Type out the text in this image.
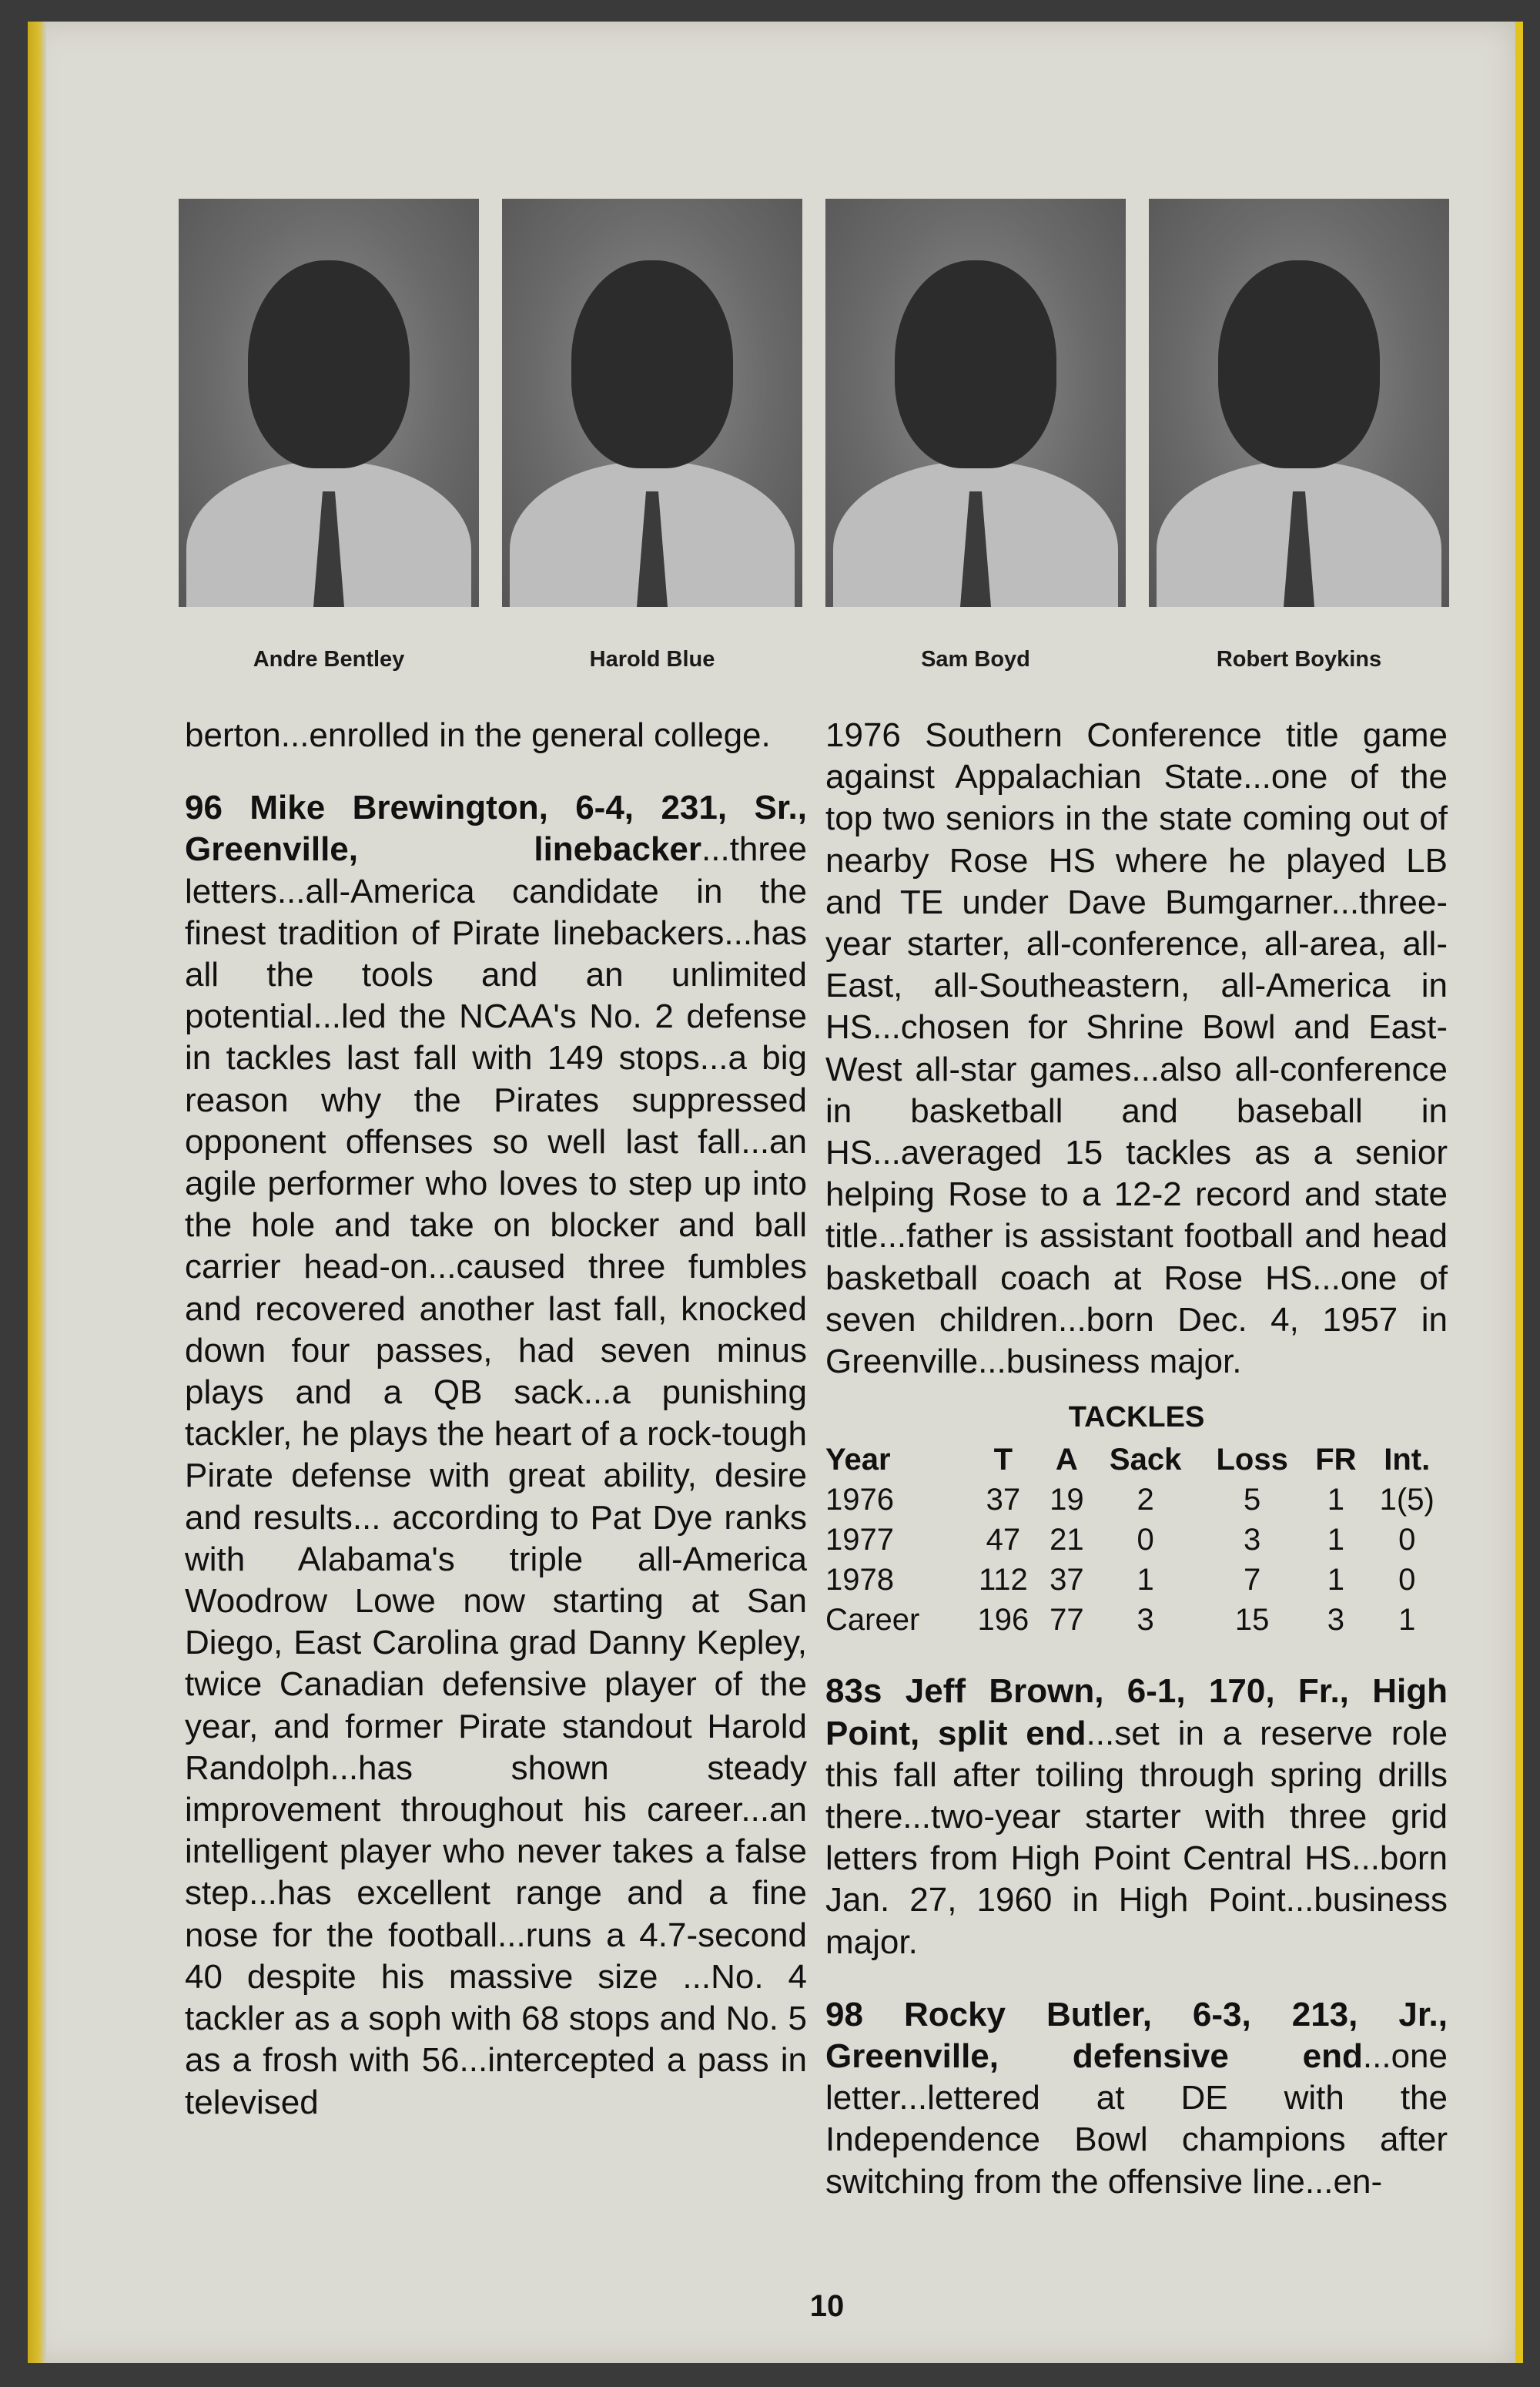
Andre Bentley	Harold Blue	Sam Boyd	Robert Boykins

berton...enrolled in the general college.

96 Mike Brewington, 6-4, 231, Sr., Greenville, linebacker...three letters...all-America candidate in the finest tradition of Pirate linebackers...has all the tools and an unlimited potential...led the NCAA's No. 2 defense in tackles last fall with 149 stops...a big reason why the Pirates suppressed opponent offenses so well last fall...an agile performer who loves to step up into the hole and take on blocker and ball carrier head-on...caused three fumbles and recovered another last fall, knocked down four passes, had seven minus plays and a QB sack...a punishing tackler, he plays the heart of a rock-tough Pirate defense with great ability, desire and results... according to Pat Dye ranks with Alabama's triple all-America Woodrow Lowe now starting at San Diego, East Carolina grad Danny Kepley, twice Canadian defensive player of the year, and former Pirate standout Harold Randolph...has shown steady improvement throughout his career...an intelligent player who never takes a false step...has excellent range and a fine nose for the football...runs a 4.7-second 40 despite his massive size ...No. 4 tackler as a soph with 68 stops and No. 5 as a frosh with 56...intercepted a pass in televised

1976 Southern Conference title game against Appalachian State...one of the top two seniors in the state coming out of nearby Rose HS where he played LB and TE under Dave Bumgarner...three-year starter, all-conference, all-area, all-East, all-Southeastern, all-America in HS...chosen for Shrine Bowl and East-West all-star games...also all-conference in basketball and baseball in HS...averaged 15 tackles as a senior helping Rose to a 12-2 record and state title...father is assistant football and head basketball coach at Rose HS...one of seven children...born Dec. 4, 1957 in Greenville...business major.

TACKLES
Year	T	A	Sack	Loss	FR	Int.
1976	37	19	2	5	1	1(5)
1977	47	21	0	3	1	0
1978	112	37	1	7	1	0
Career	196	77	3	15	3	1

83s Jeff Brown, 6-1, 170, Fr., High Point, split end...set in a reserve role this fall after toiling through spring drills there...two-year starter with three grid letters from High Point Central HS...born Jan. 27, 1960 in High Point...business major.

98 Rocky Butler, 6-3, 213, Jr., Greenville, defensive end...one letter...lettered at DE with the Independence Bowl champions after switching from the offensive line...en-

10
